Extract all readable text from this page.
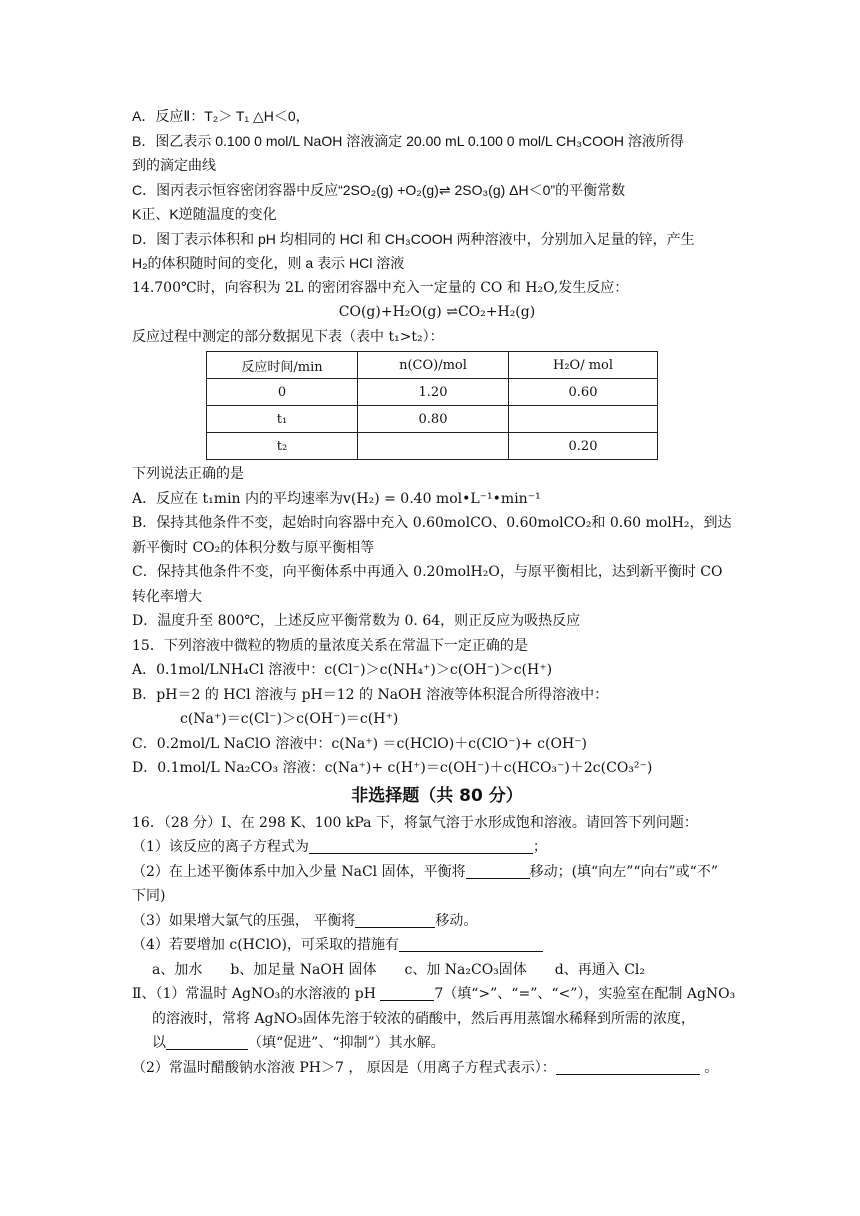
A．反应Ⅱ：T₂＞ T₁ △H＜0，
B．图乙表示 0.100 0 mol/L NaOH 溶液滴定 20.00 mL 0.100 0 mol/L CH₃COOH 溶液所得
到的滴定曲线
C．图丙表示恒容密闭容器中反应“2SO₂(g) +O₂(g)⇌ 2SO₃(g) ΔH＜0”的平衡常数
K正、K逆随温度的变化
D．图丁表示体积和 pH 均相同的 HCl 和 CH₃COOH 两种溶液中，分别加入足量的锌，产生
H₂的体积随时间的变化，则 a 表示 HCl 溶液
14.700℃时，向容积为 2L 的密闭容器中充入一定量的 CO 和 H₂O,发生反应：
CO(g)+H₂O(g) ⇌CO₂+H₂(g)
反应过程中测定的部分数据见下表（表中 t₁>t₂）：
反应时间/min	n(CO)/mol	H₂O/ mol
0	1.20	0.60
t₁	0.80	
t₂		0.20
下列说法正确的是
A．反应在 t₁min 内的平均速率为v(H₂) = 0.40 mol•L⁻¹•min⁻¹
B．保持其他条件不变，起始时向容器中充入 0.60molCO、0.60molCO₂和 0.60 molH₂，到达
新平衡时 CO₂的体积分数与原平衡相等
C．保持其他条件不变，向平衡体系中再通入 0.20molH₂O，与原平衡相比，达到新平衡时 CO
转化率增大
D．温度升至 800℃，上述反应平衡常数为 0. 64，则正反应为吸热反应
15．下列溶液中微粒的物质的量浓度关系在常温下一定正确的是
A．0.1mol/LNH₄Cl 溶液中：c(Cl⁻)＞c(NH₄⁺)＞c(OH⁻)＞c(H⁺)
B．pH＝2 的 HCl 溶液与 pH＝12 的 NaOH 溶液等体积混合所得溶液中：
c(Na⁺)＝c(Cl⁻)＞c(OH⁻)＝c(H⁺)
C．0.2mol/L NaClO 溶液中：c(Na⁺) ＝c(HClO)＋c(ClO⁻)+ c(OH⁻)
D．0.1mol/L Na₂CO₃ 溶液：c(Na⁺)+ c(H⁺)＝c(OH⁻)＋c(HCO₃⁻)＋2c(CO₃²⁻)
非选择题（共 80 分）
16．（28 分）Ⅰ、在 298 K、100 kPa 下，将氯气溶于水形成饱和溶液。请回答下列问题：
（1）该反应的离子方程式为	；
（2）在上述平衡体系中加入少量 NaCl 固体，平衡将	移动；(填“向左”“向右”或“不”
下同)
（3）如果增大氯气的压强， 平衡将	移动。
（4）若要增加 c(HClO)，可采取的措施有
a、加水　　b、加足量 NaOH 固体　　c、加 Na₂CO₃固体　　d、再通入 Cl₂
Ⅱ、（1）常温时 AgNO₃的水溶液的 pH	7（填“>”、“=”、“<”），实验室在配制 AgNO₃
的溶液时，常将 AgNO₃固体先溶于较浓的硝酸中，然后再用蒸馏水稀释到所需的浓度，
以	（填“促进”、“抑制”）其水解。
（2）常温时醋酸钠水溶液 PH＞7 ， 原因是（用离子方程式表示）：	。
